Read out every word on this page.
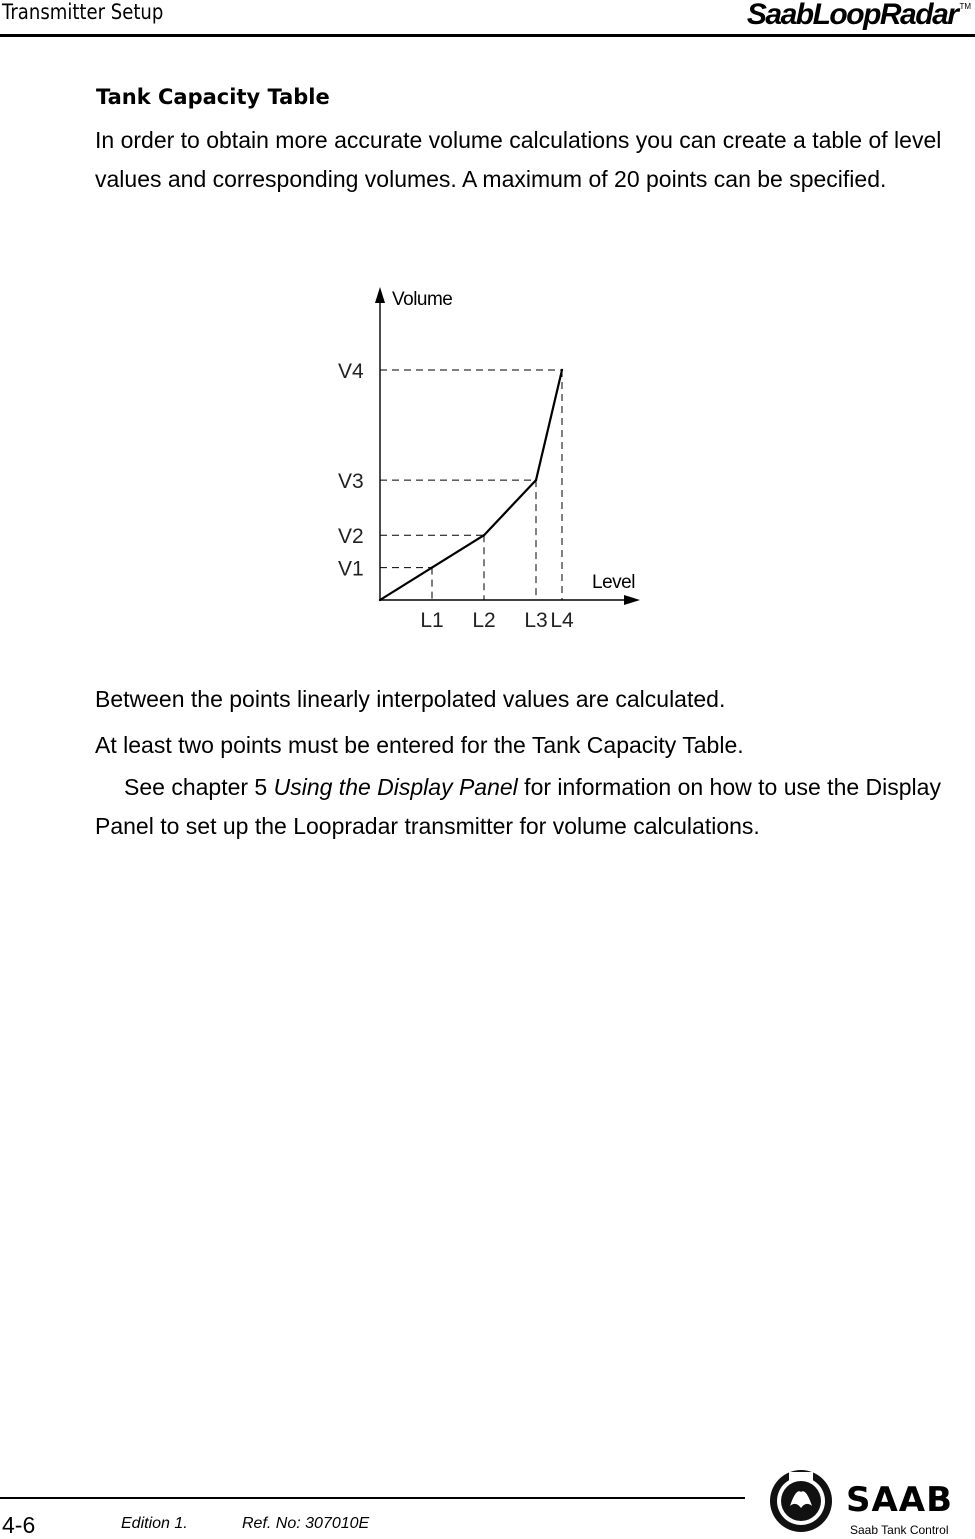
Transmitter Setup	SaabLoopRadar ™
Tank Capacity Table

In order to obtain more accurate volume calculations you can create a table of level values and corresponding volumes. A maximum of 20 points can be specified.

Level
Volume
V1
L1
V2
L2
V3
L3
V4
L4

Between the points linearly interpolated values are calculated.

At least two points must be entered for the Tank Capacity Table.

See chapter 5 Using the Display Panel for information on how to use the Display Panel to set up the Loopradar transmitter for volume calculations.

4-6	Edition 1.	Ref. No: 307010E
SAAB
Saab Tank Control
